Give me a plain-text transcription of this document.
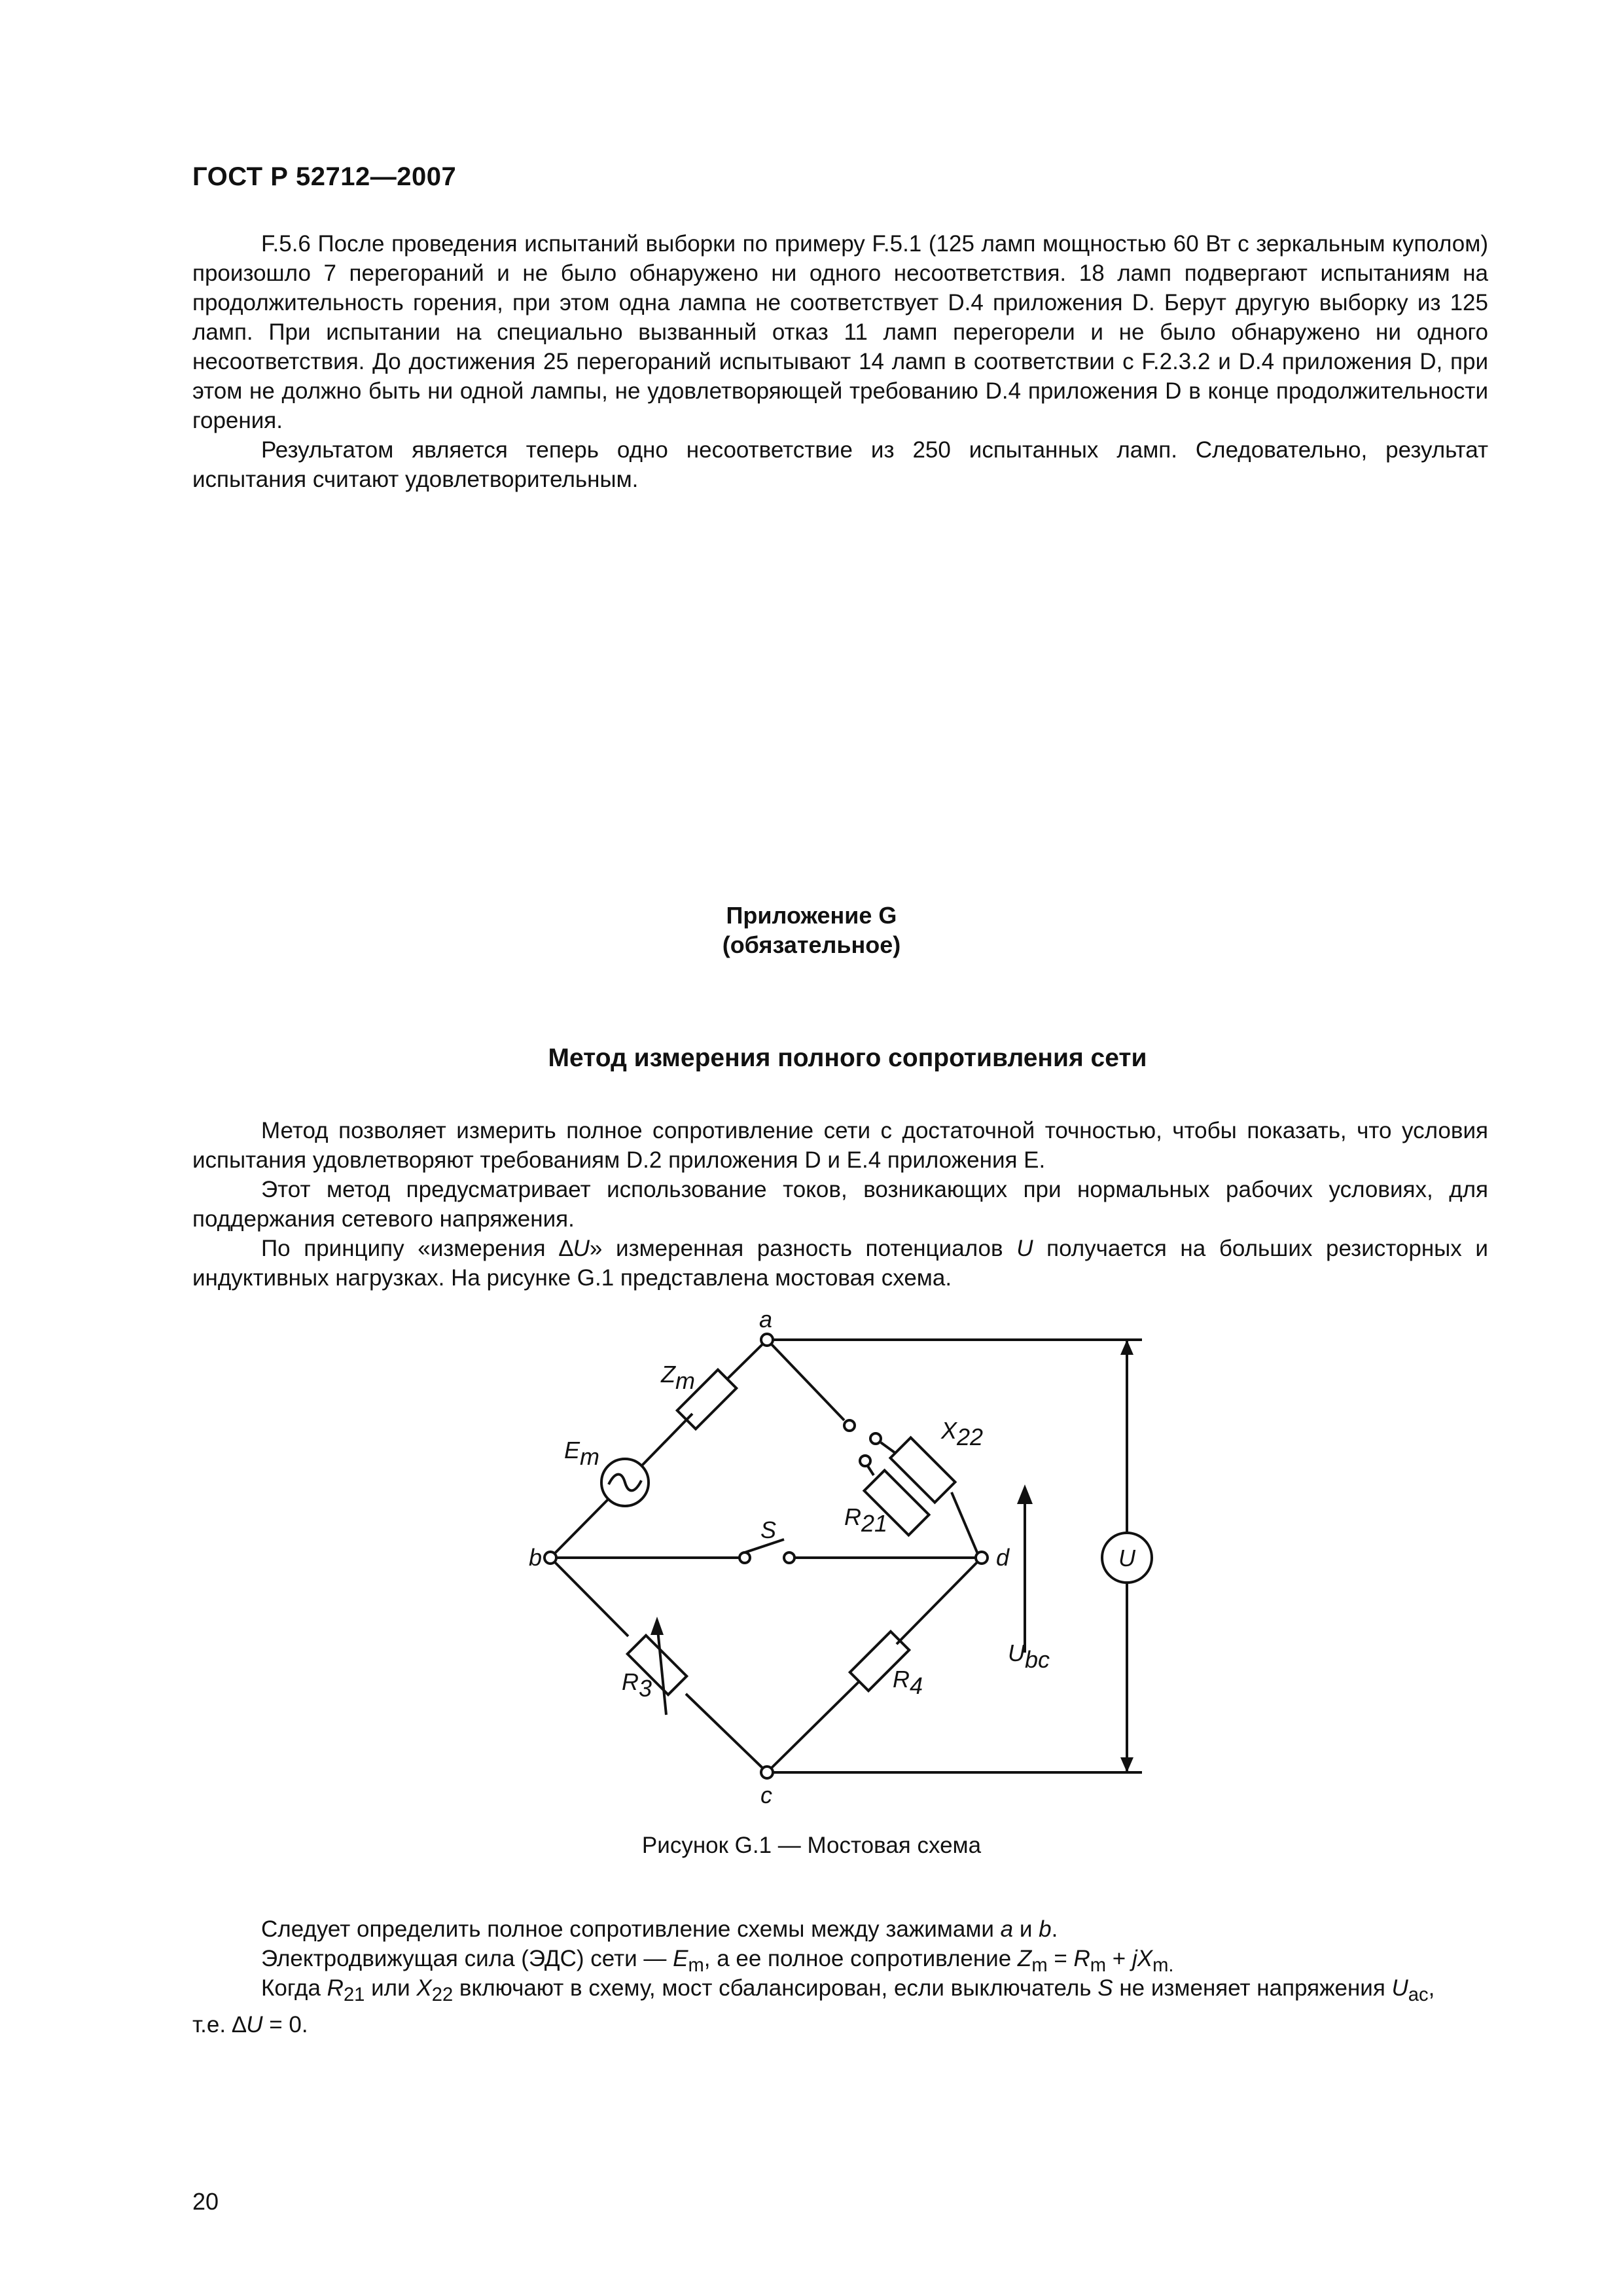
ГОСТ Р 52712—2007

F.5.6 После проведения испытаний выборки по примеру F.5.1 (125 ламп мощностью 60 Вт с зеркальным куполом) произошло 7 перегораний и не было обнаружено ни одного несоответствия. 18 ламп подвергают испытаниям на продолжительность горения, при этом одна лампа не соответствует D.4 приложения D. Берут другую выборку из 125 ламп. При испытании на специально вызванный отказ 11 ламп перегорели и не было обнаружено ни одного несоответствия. До достижения 25 перегораний испытывают 14 ламп в соответствии с F.2.3.2 и D.4 приложения D, при этом не должно быть ни одной лампы, не удовлетворяющей требованию D.4 приложения D в конце продолжительности горения.

Результатом является теперь одно несоответствие из 250 испытанных ламп. Следовательно, результат испытания считают удовлетворительным.

Приложение G
(обязательное)
Метод измерения полного сопротивления сети

Метод позволяет измерить полное сопротивление сети с достаточной точностью, чтобы показать, что условия испытания удовлетворяют требованиям D.2 приложения D и E.4 приложения E.

Этот метод предусматривает использование токов, возникающих при нормальных рабочих условиях, для поддержания сетевого напряжения.

По принципу «измерения ∆U» измеренная разность потенциалов U получается на больших резисторных и индуктивных нагрузках. На рисунке G.1 представлена мостовая схема.

U
a
b
c
d
Zm
Em
X22
R21
S
R3	R4
Ubc
Рисунок G.1 — Мостовая схема

Следует определить полное сопротивление схемы между зажимами a и b.

Электродвижущая сила (ЭДС) сети — $E_m$, а ее полное сопротивление $Z_m = R_m + jX_{m.}$

Когда $R_{21}$ или $X_{22}$ включают в схему, мост сбалансирован, если выключатель S не изменяет напряжения $U_{ac}$,
т.е. ∆U = 0.

20
